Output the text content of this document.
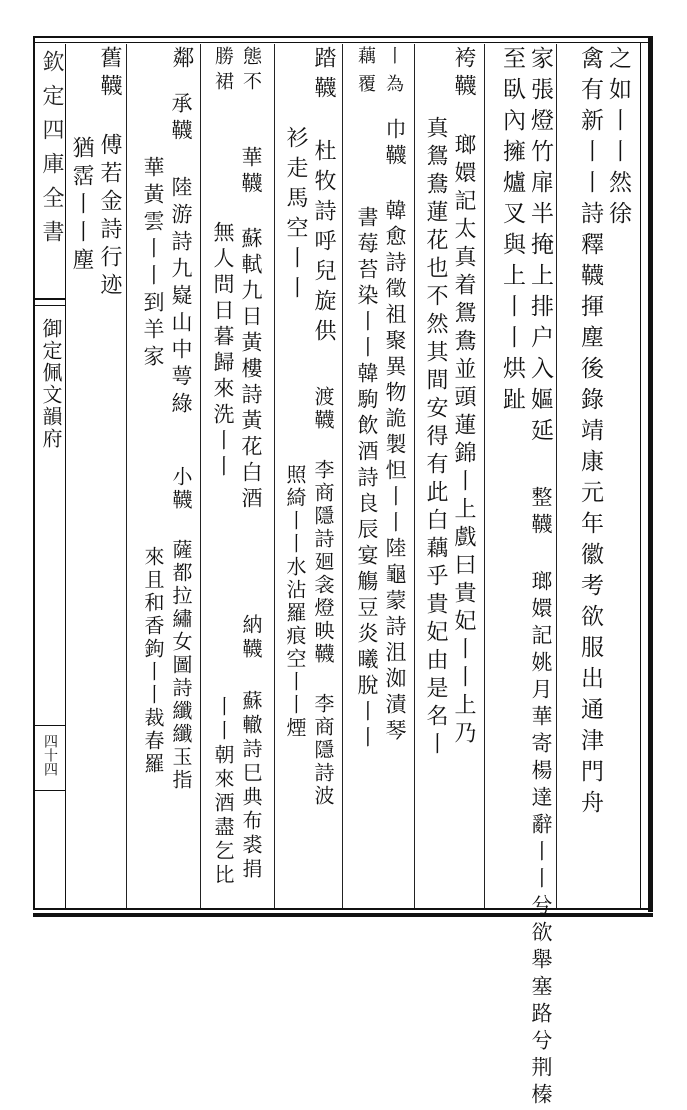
欽定四庫全書
御定佩文韻府
四十四
之如丨丨然徐
禽有新丨丨詩釋韈揮塵後錄靖康元年徽考欲服出通津門舟
家張燈竹扉半掩上排户入嫗延
至臥內擁爐叉與上丨丨烘趾
整韈 瑯嬛記姚月華寄楊達辭丨丨兮欲舉塞路兮荆榛
袴韈 瑯嬛記太真着鴛鴦並頭蓮錦丨上戲曰貴妃丨丨上乃
真鴛鴦蓮花也不然其間安得有此白藕乎貴妃由是名丨
丨為
藕覆
巾韈 韓愈詩徵祖聚異物詭製怛丨丨陸龜蒙詩沮洳漬琴
書莓苔染丨丨韓駒飲酒詩良辰宴觴豆炎曦脫丨丨
踏韈 杜牧詩呼兒旋供
衫走馬空丨丨
渡韈 李商隱詩廻衾燈映韈 李商隱詩波
照綺丨丨水沾羅痕空丨丨煙
態不
勝裙
華韈 蘇軾九日黃樓詩黃花白酒
無人問日暮歸來洗丨丨
納韈 蘇轍詩巳典布裘捐
丨丨朝來酒盡乞比
鄰
承韈 陸游詩九嶷山中萼綠
華黃雲丨丨到羊家
小韈 薩都拉繡女圖詩纖纖玉指
來且和香鉤丨丨裁春羅
舊韈 傅若金詩行迹
猶霑丨丨塵
